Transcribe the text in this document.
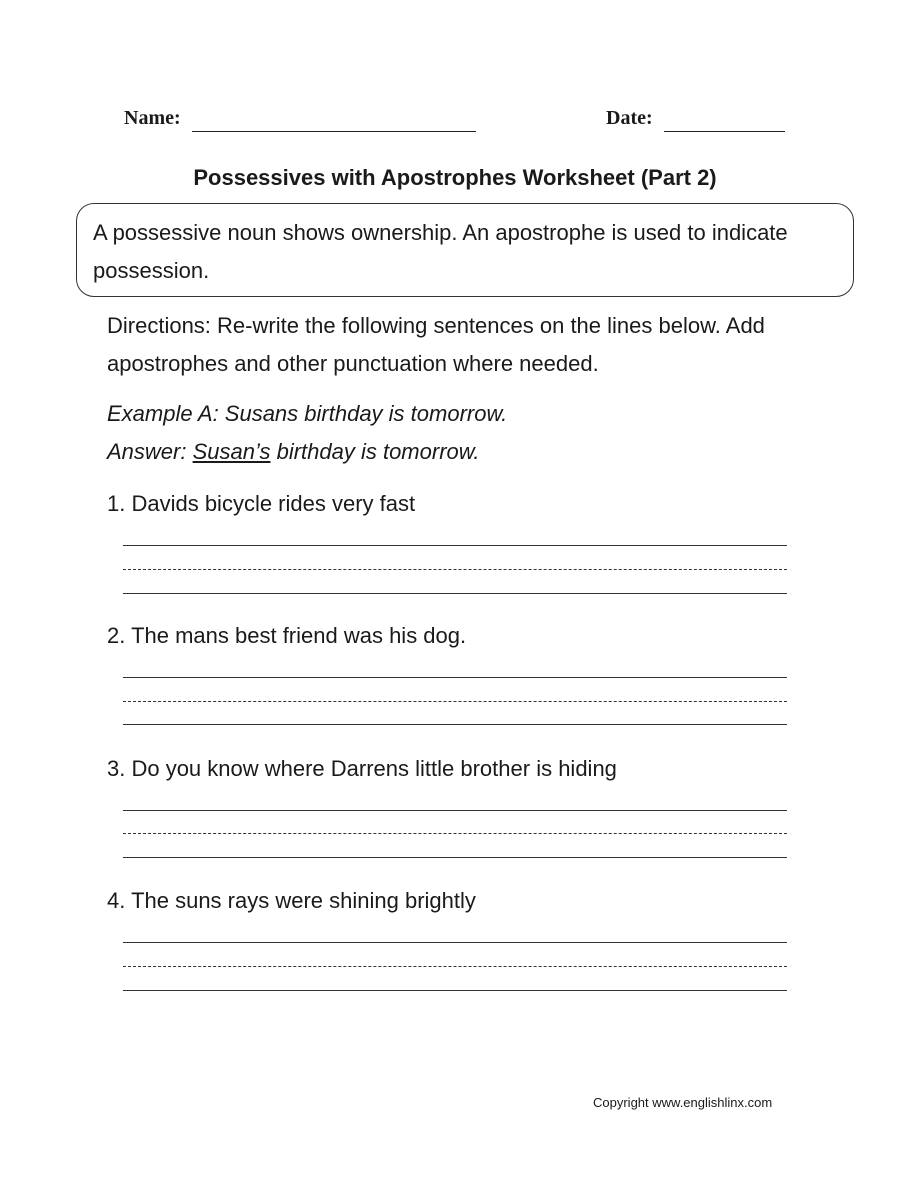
Name:	Date:
Possessives with Apostrophes Worksheet (Part 2)
A possessive noun shows ownership. An apostrophe is used to indicate possession.
Directions: Re-write the following sentences on the lines below. Add apostrophes and other punctuation where needed.
Example A: Susans birthday is tomorrow.
Answer: Susan’s birthday is tomorrow.
1. Davids bicycle rides very fast
2. The mans best friend was his dog.
3. Do you know where Darrens little brother is hiding
4. The suns rays were shining brightly
Copyright www.englishlinx.com
